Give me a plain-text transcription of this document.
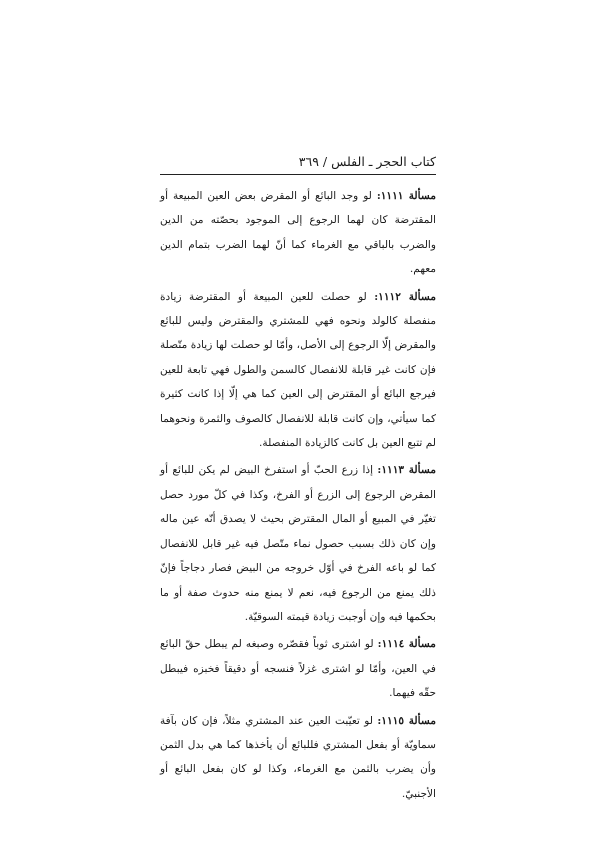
كتاب الحجر ـ الفلس / ٣٦٩

مسألة ١١١١: لو وجد البائع أو المقرض بعض العين المبيعة أو المقترضة كان لهما الرجوع إلى الموجود بحصّته من الدين والضرب بالباقي مع الغرماء كما أنّ لهما الضرب بتمام الدين معهم.

مسألة ١١١٢: لو حصلت للعين المبيعة أو المقترضة زيادة منفصلة كالولد ونحوه فهي للمشتري والمقترض وليس للبائع والمقرض إلّا الرجوع إلى الأصل، وأمّا لو حصلت لها زيادة متّصلة فإن كانت غير قابلة للانفصال كالسمن والطول فهي تابعة للعين فيرجع البائع أو المقترض إلى العين كما هي إلّا إذا كانت كثيرة كما سيأتي، وإن كانت قابلة للانفصال كالصوف والثمرة ونحوهما لم تتبع العين بل كانت كالزيادة المنفصلة.

مسألة ١١١٣: إذا زرع الحبّ أو استفرخ البيض لم يكن للبائع أو المقرض الرجوع إلى الزرع أو الفرخ، وكذا في كلّ مورد حصل تغيّر في المبيع أو المال المقترض بحيث لا يصدق أنّه عين ماله وإن كان ذلك بسبب حصول نماء متّصل فيه غير قابل للانفصال كما لو باعه الفرخ في أوّل خروجه من البيض فصار دجاجاً فإنّ ذلك يمنع من الرجوع فيه، نعم لا يمنع منه حدوث صفة أو ما بحكمها فيه وإن أوجبت زيادة قيمته السوقيّة.

مسألة ١١١٤: لو اشترى ثوباً فقصّره وصبغه لم يبطل حقّ البائع في العين، وأمّا لو اشترى غزلاً فنسجه أو دقيقاً فخبزه فيبطل حقّه فيهما.

مسألة ١١١٥: لو تعيّبت العين عند المشتري مثلاً، فإن كان بآفة سماويّة أو بفعل المشتري فللبائع أن يأخذها كما هي بدل الثمن وأن يضرب بالثمن مع الغرماء، وكذا لو كان بفعل البائع أو الأجنبيّ.
